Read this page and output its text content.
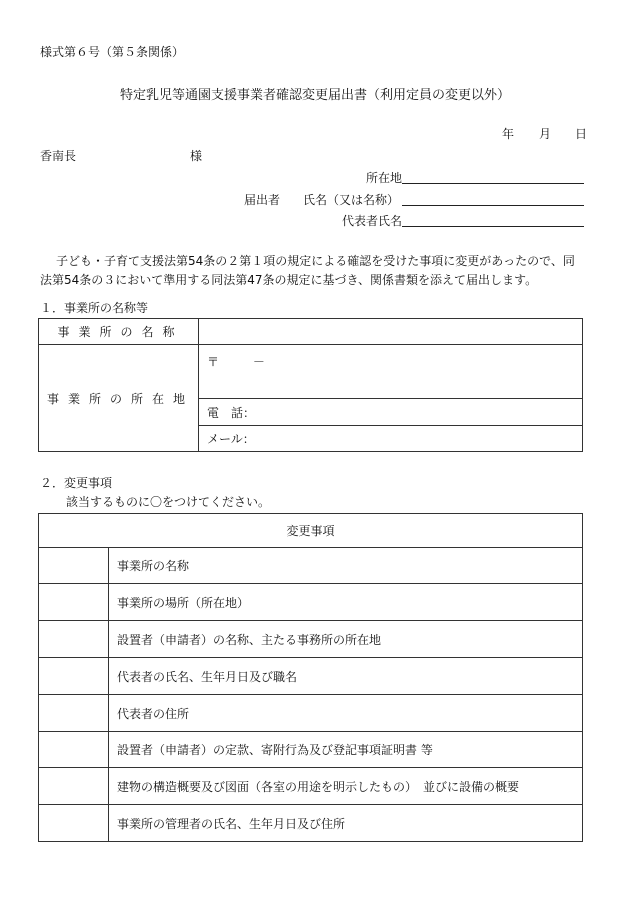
様式第６号（第５条関係）
特定乳児等通園支援事業者確認変更届出書（利用定員の変更以外）
年 月 日
香南長	様
所在地
届出者 氏名（又は名称）
代表者氏名
子ども・子育て支援法第54条の２第１項の規定による確認を受けた事項に変更があったので、同
法第54条の３において準用する同法第47条の規定に基づき、関係書類を添えて届出します。
１．事業所の名称等
事業所の名称	
事業所の所在地	〒 －
	電　話：
	メール：
２．変更事項
該当するものに〇をつけてください。
変更事項	
	事業所の名称
	事業所の場所（所在地）
	設置者（申請者）の名称、主たる事務所の所在地
	代表者の氏名、生年月日及び職名
	代表者の住所
	設置者（申請者）の定款、寄附行為及び登記事項証明書 等
	建物の構造概要及び図面（各室の用途を明示したもの）　並びに設備の概要
	事業所の管理者の氏名、生年月日及び住所
